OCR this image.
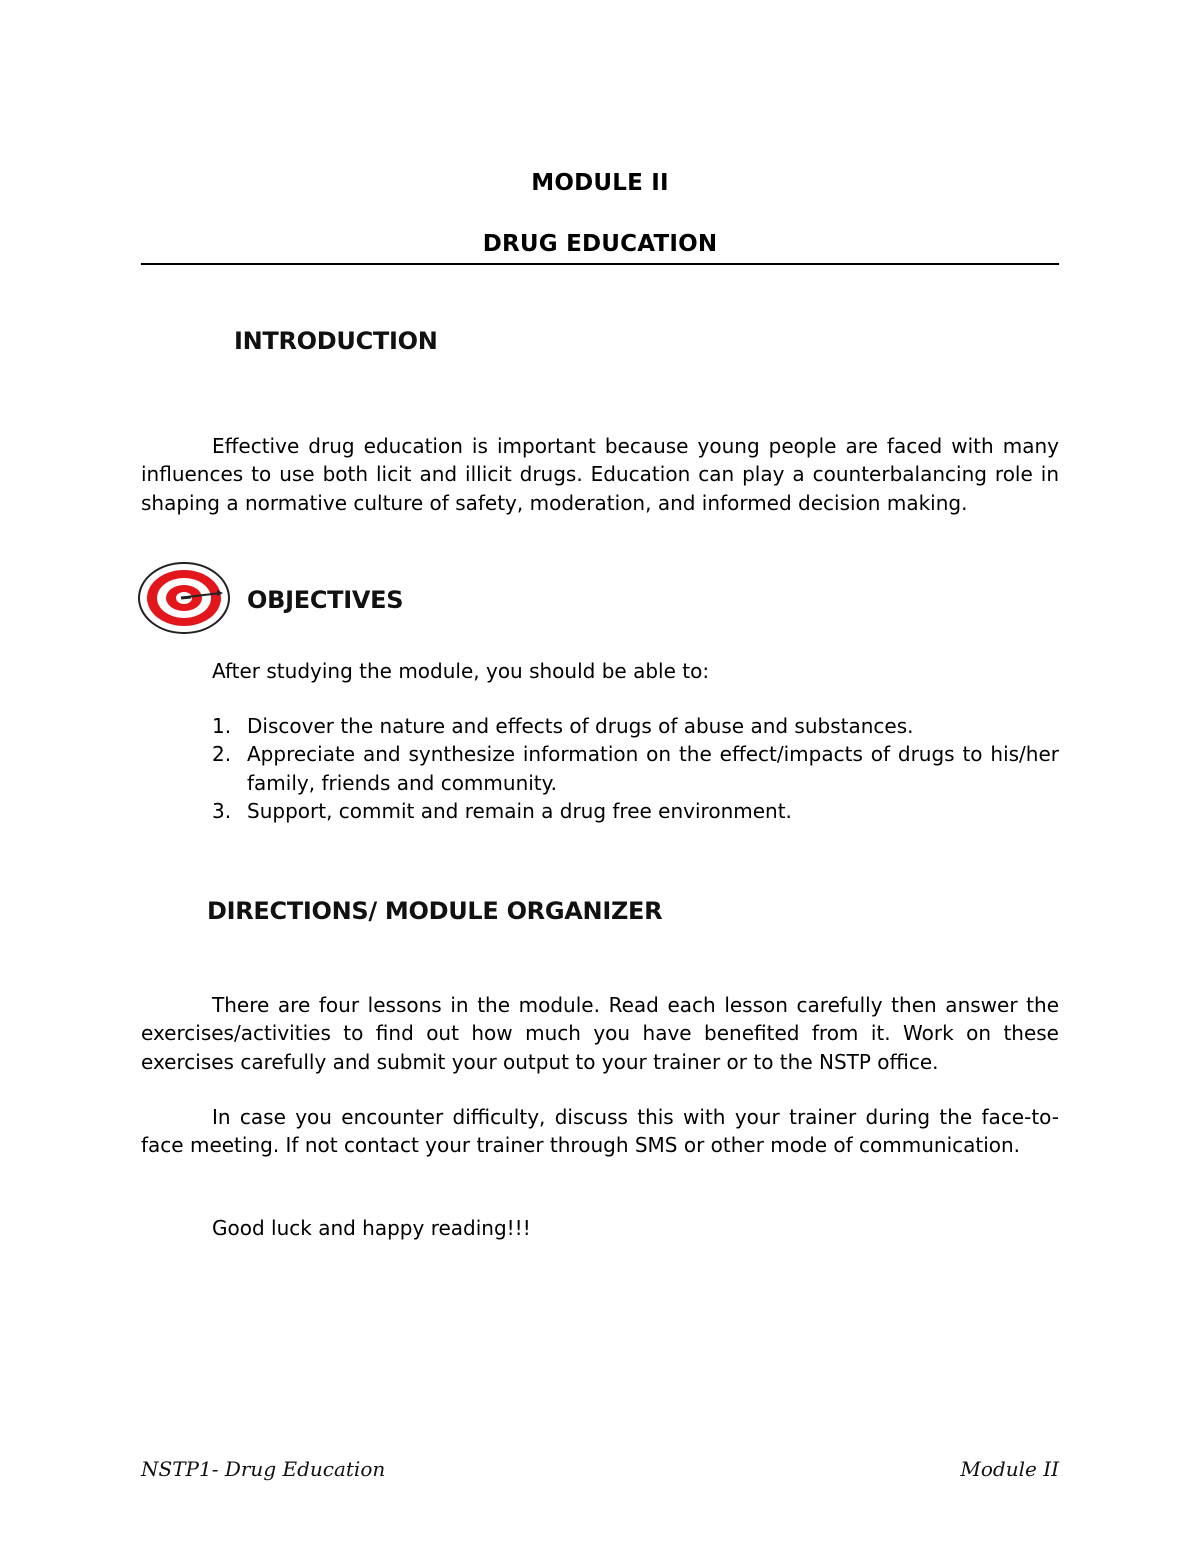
MODULE II
DRUG EDUCATION
INTRODUCTION

Effective drug education is important because young people are faced with many influences to use both licit and illicit drugs. Education can play a counterbalancing role in shaping a normative culture of safety, moderation, and informed decision making.

OBJECTIVES
After studying the module, you should be able to:
1. Discover the nature and effects of drugs of abuse and substances.
2. Appreciate and synthesize information on the effect/impacts of drugs to his/her family, friends and community.
3. Support, commit and remain a drug free environment.
DIRECTIONS/ MODULE ORGANIZER

There are four lessons in the module. Read each lesson carefully then answer the exercises/activities to find out how much you have benefited from it. Work on these exercises carefully and submit your output to your trainer or to the NSTP office.

In case you encounter difficulty, discuss this with your trainer during the face-to-face meeting. If not contact your trainer through SMS or other mode of communication.

Good luck and happy reading!!!
NSTP1- Drug Education	Module II
